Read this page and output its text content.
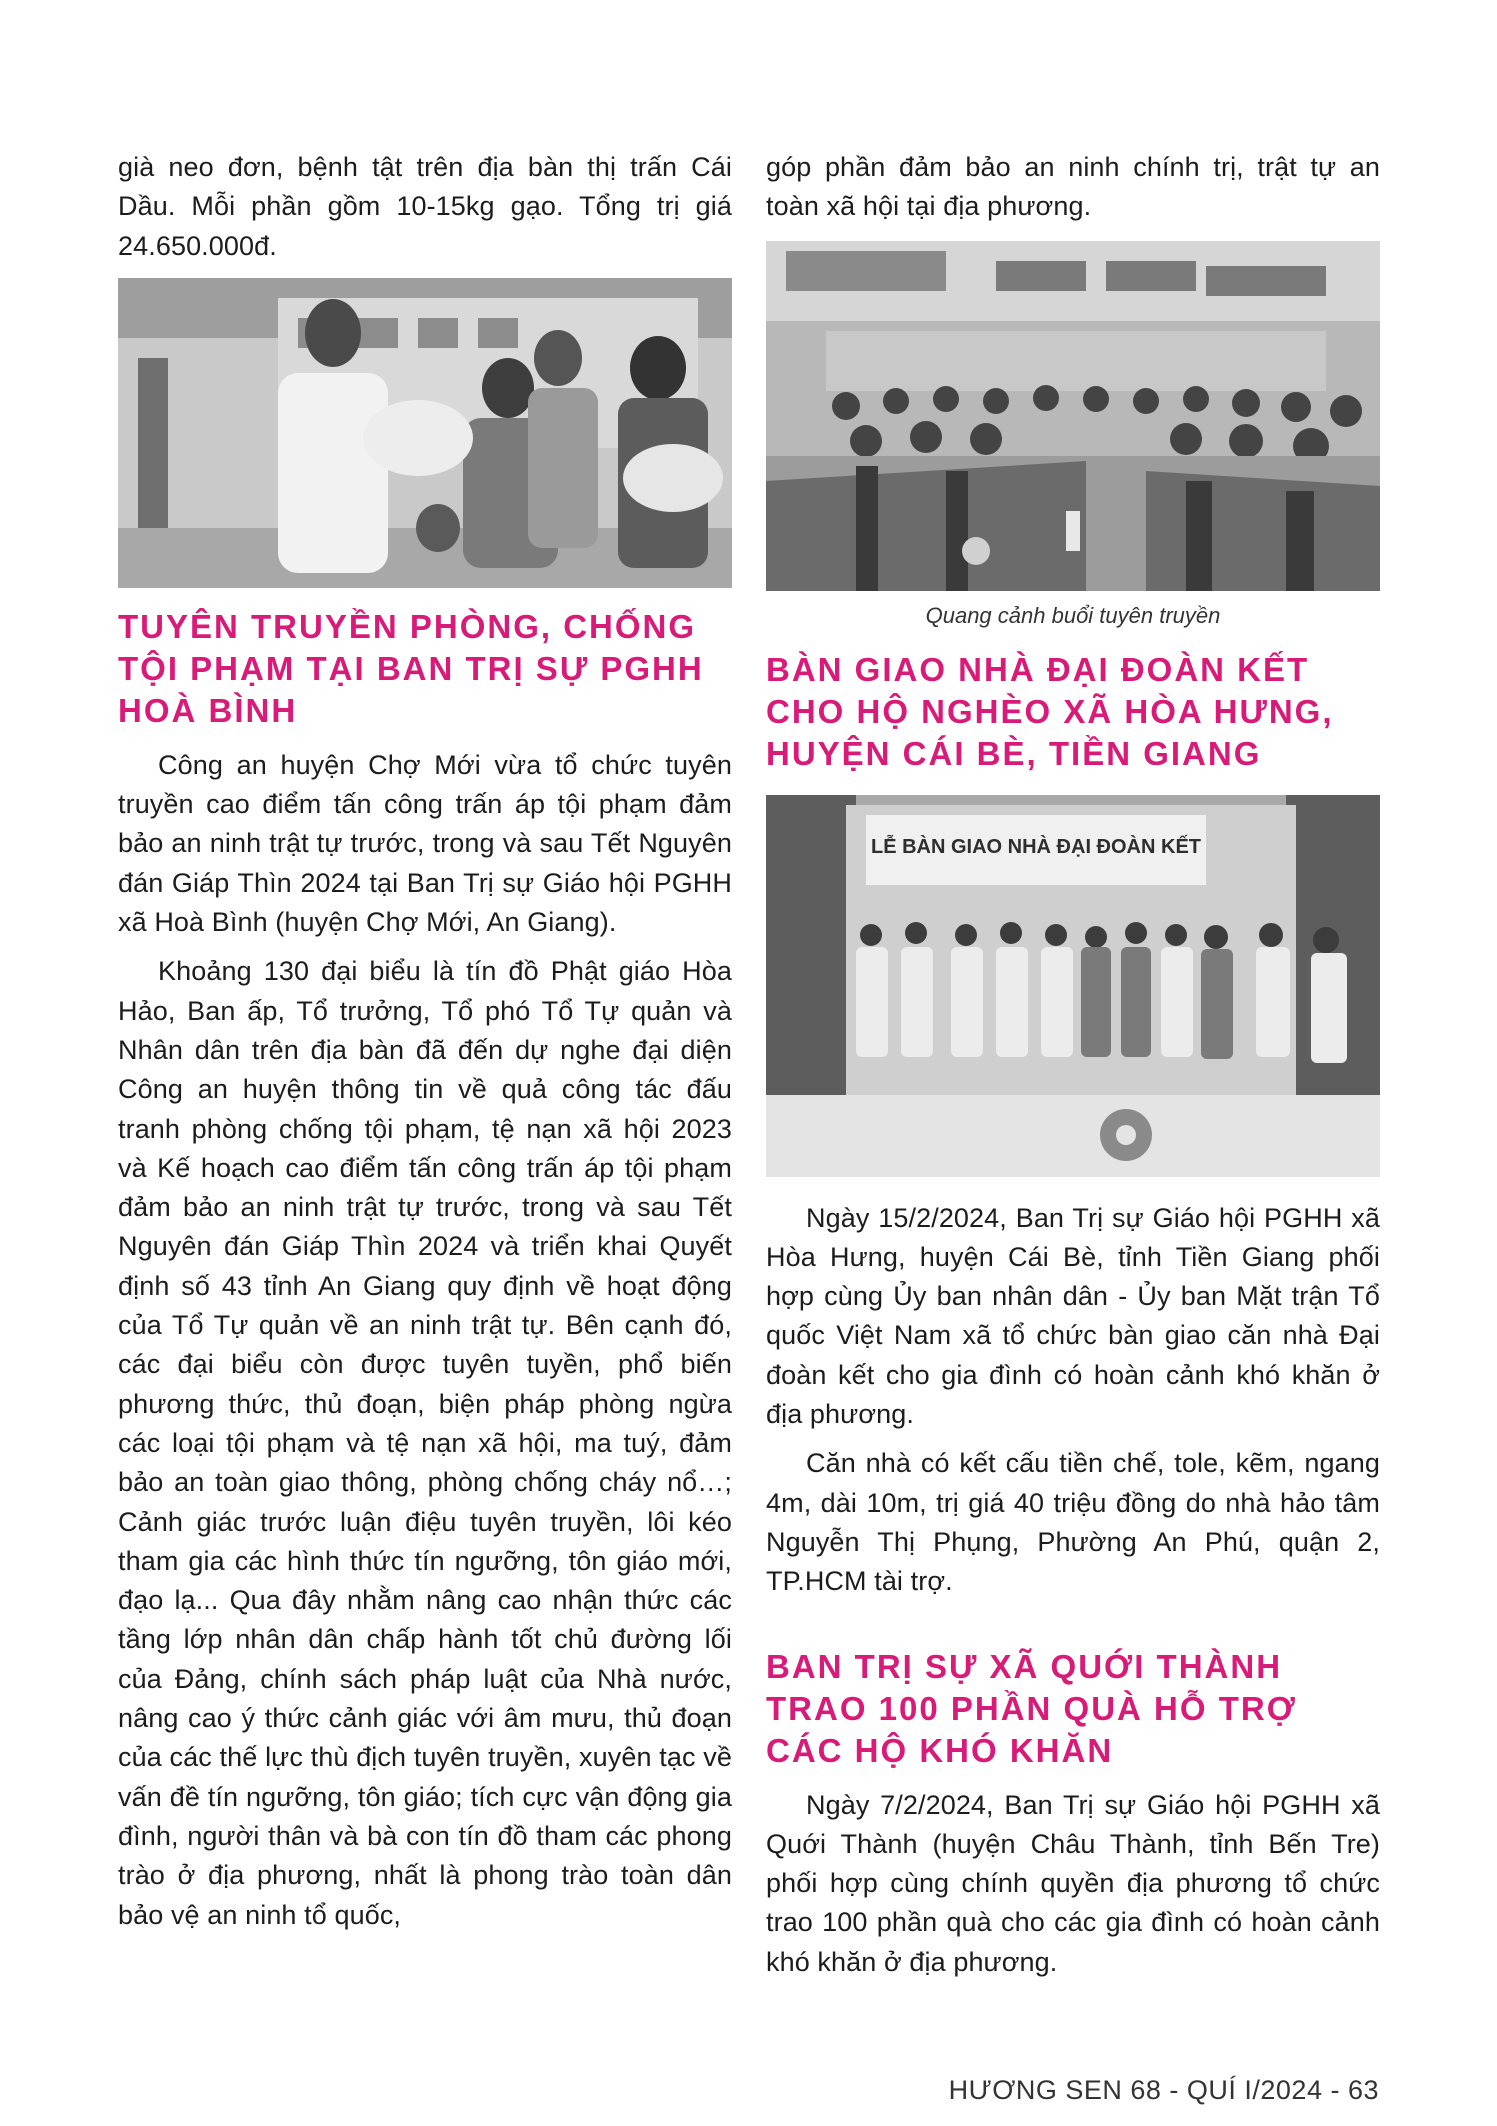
già neo đơn, bệnh tật trên địa bàn thị trấn Cái Dầu. Mỗi phần gồm 10-15kg gạo. Tổng trị giá 24.650.000đ.

TUYÊN TRUYỀN PHÒNG, CHỐNG TỘI PHẠM TẠI BAN TRỊ SỰ PGHH HOÀ BÌNH

Công an huyện Chợ Mới vừa tổ chức tuyên truyền cao điểm tấn công trấn áp tội phạm đảm bảo an ninh trật tự trước, trong và sau Tết Nguyên đán Giáp Thìn 2024 tại Ban Trị sự Giáo hội PGHH xã Hoà Bình (huyện Chợ Mới, An Giang).

Khoảng 130 đại biểu là tín đồ Phật giáo Hòa Hảo, Ban ấp, Tổ trưởng, Tổ phó Tổ Tự quản và Nhân dân trên địa bàn đã đến dự nghe đại diện Công an huyện thông tin về quả công tác đấu tranh phòng chống tội phạm, tệ nạn xã hội 2023 và Kế hoạch cao điểm tấn công trấn áp tội phạm đảm bảo an ninh trật tự trước, trong và sau Tết Nguyên đán Giáp Thìn 2024 và triển khai Quyết định số 43 tỉnh An Giang quy định về hoạt động của Tổ Tự quản về an ninh trật tự. Bên cạnh đó, các đại biểu còn được tuyên tuyền, phổ biến phương thức, thủ đoạn, biện pháp phòng ngừa các loại tội phạm và tệ nạn xã hội, ma tuý, đảm bảo an toàn giao thông, phòng chống cháy nổ…; Cảnh giác trước luận điệu tuyên truyền, lôi kéo tham gia các hình thức tín ngưỡng, tôn giáo mới, đạo lạ... Qua đây nhằm nâng cao nhận thức các tầng lớp nhân dân chấp hành tốt chủ đường lối của Đảng, chính sách pháp luật của Nhà nước, nâng cao ý thức cảnh giác với âm mưu, thủ đoạn của các thế lực thù địch tuyên truyền, xuyên tạc về vấn đề tín ngưỡng, tôn giáo; tích cực vận động gia đình, người thân và bà con tín đồ tham các phong trào ở địa phương, nhất là phong trào toàn dân bảo vệ an ninh tổ quốc,

góp phần đảm bảo an ninh chính trị, trật tự an toàn xã hội tại địa phương.

Quang cảnh buổi tuyên truyền

BÀN GIAO NHÀ ĐẠI ĐOÀN KẾT CHO HỘ NGHÈO XÃ HÒA HƯNG, HUYỆN CÁI BÈ, TIỀN GIANG
LỄ BÀN GIAO NHÀ ĐẠI ĐOÀN KẾT

Ngày 15/2/2024, Ban Trị sự Giáo hội PGHH xã Hòa Hưng, huyện Cái Bè, tỉnh Tiền Giang phối hợp cùng Ủy ban nhân dân - Ủy ban Mặt trận Tổ quốc Việt Nam xã tổ chức bàn giao căn nhà Đại đoàn kết cho gia đình có hoàn cảnh khó khăn ở địa phương.

Căn nhà có kết cấu tiền chế, tole, kẽm, ngang 4m, dài 10m, trị giá 40 triệu đồng do nhà hảo tâm Nguyễn Thị Phụng, Phường An Phú, quận 2, TP.HCM tài trợ.

BAN TRỊ SỰ XÃ QUỚI THÀNH TRAO 100 PHẦN QUÀ HỖ TRỢ CÁC HỘ KHÓ KHĂN

Ngày 7/2/2024, Ban Trị sự Giáo hội PGHH xã Quới Thành (huyện Châu Thành, tỉnh Bến Tre) phối hợp cùng chính quyền địa phương tổ chức trao 100 phần quà cho các gia đình có hoàn cảnh khó khăn ở địa phương.

HƯƠNG SEN 68 - QUÍ I/2024 - 63
